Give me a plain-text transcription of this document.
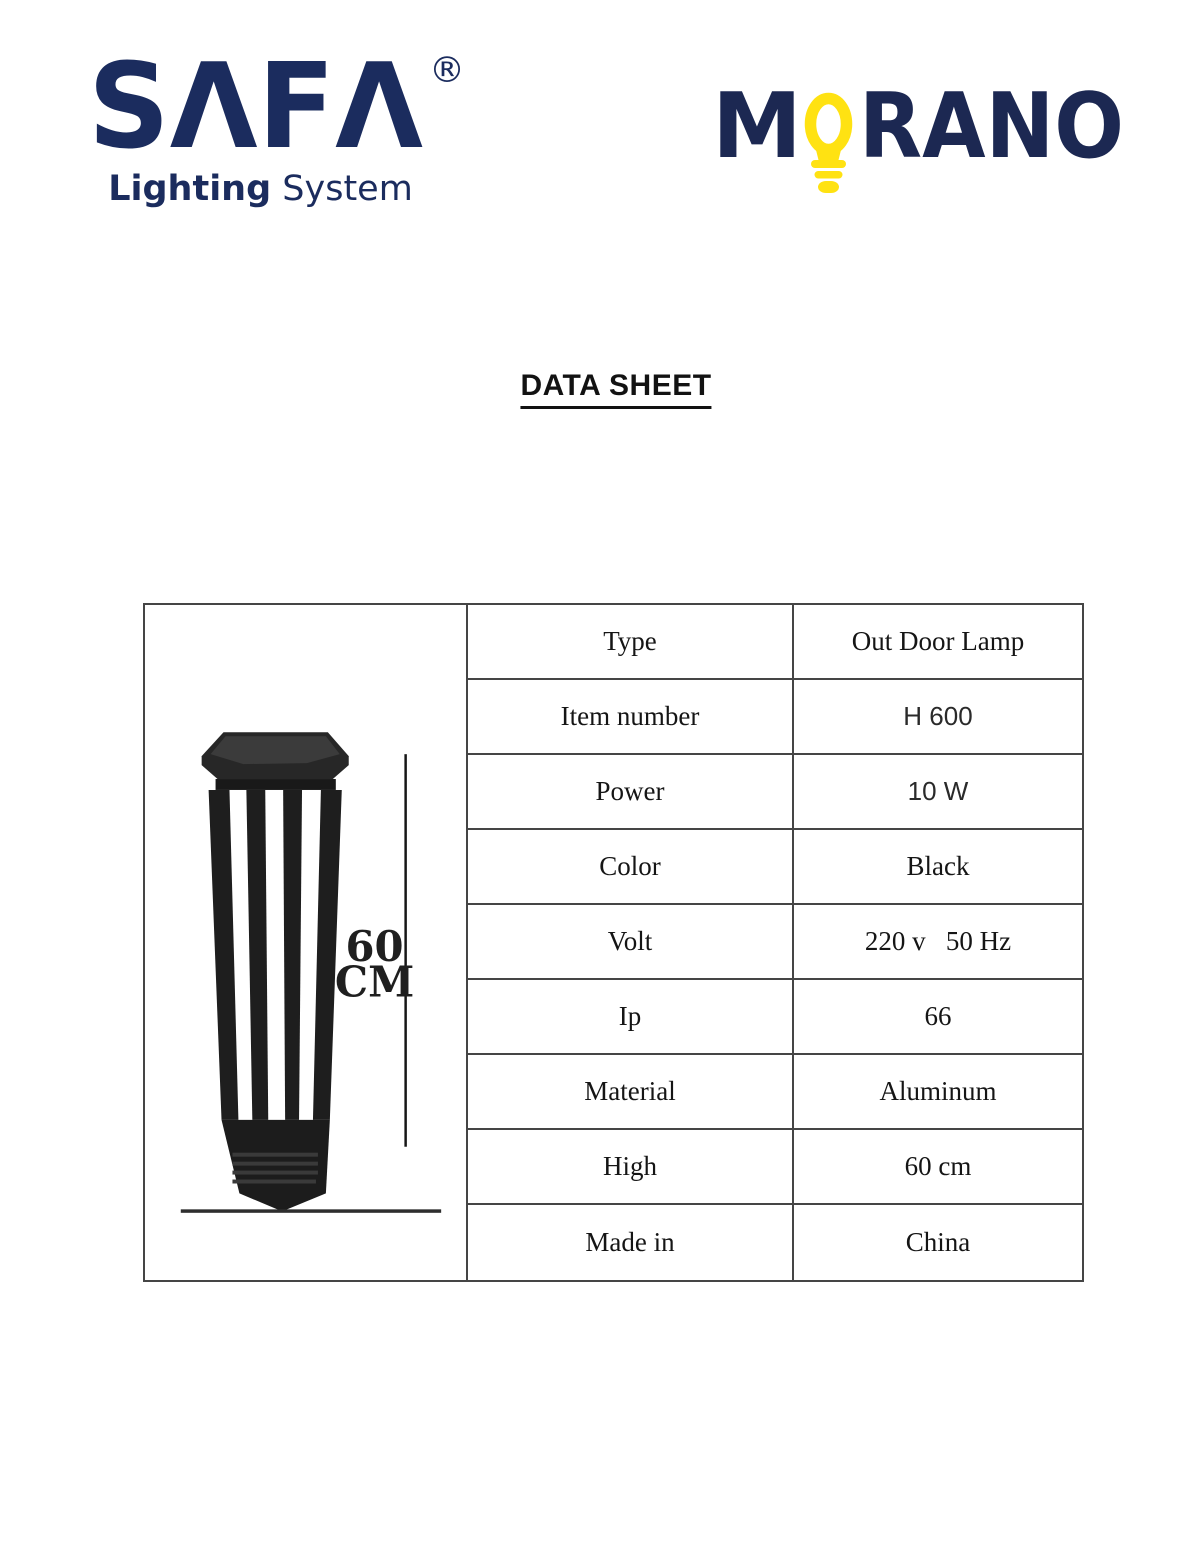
SΛFΛ ®
Lighting System
M RANO
DATA SHEET
60
CM
Type	Out Door Lamp
Item number	H 600
Power	10 W
Color	Black
Volt	220 v   50 Hz
Ip	66
Material	Aluminum
High	60 cm
Made in	China
